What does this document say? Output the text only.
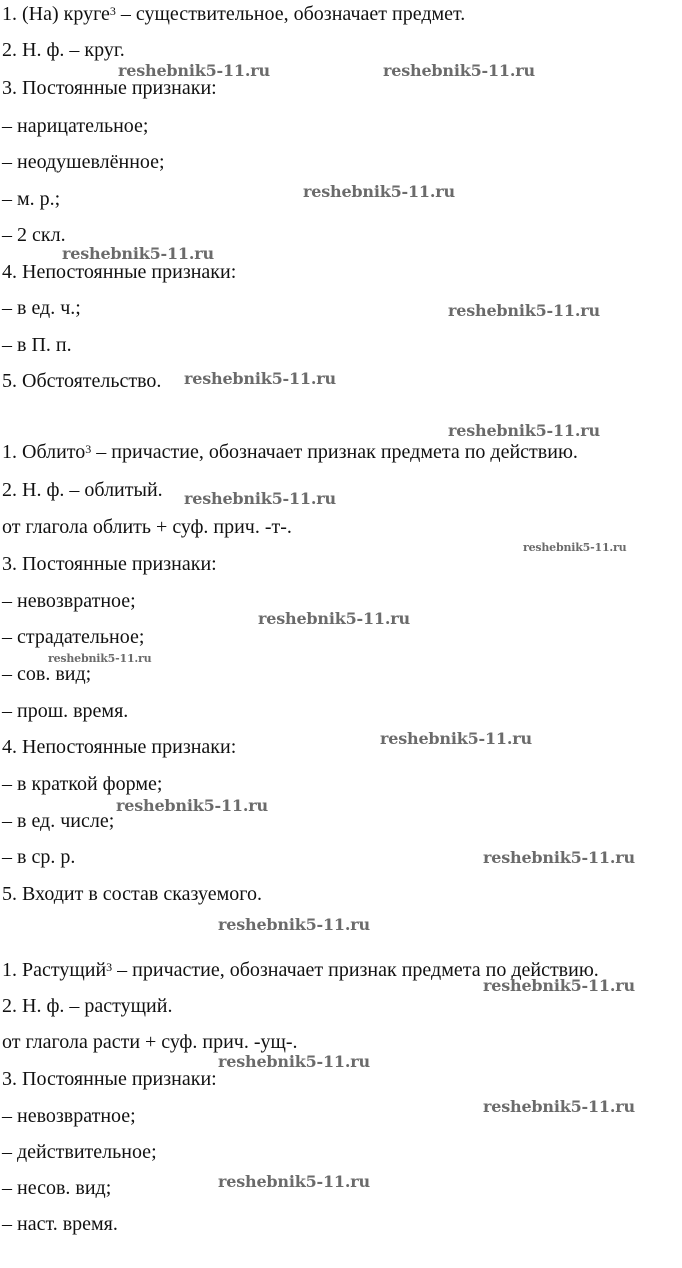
1. (На) круге$^3$ – существительное, обозначает предмет.
2. Н. ф. – круг.
3. Постоянные признаки:
– нарицательное;
– неодушевлённое;
– м. р.;
– 2 скл.
4. Непостоянные признаки:
– в ед. ч.;
– в П. п.
5. Обстоятельство.
1. Облито$^3$ – причастие, обозначает признак предмета по действию.
2. Н. ф. – облитый.
от глагола облить + суф. прич. -т-.
3. Постоянные признаки:
– невозвратное;
– страдательное;
– сов. вид;
– прош. время.
4. Непостоянные признаки:
– в краткой форме;
– в ед. числе;
– в ср. р.
5. Входит в состав сказуемого.
1. Растущий$^3$ – причастие, обозначает признак предмета по действию.
2. Н. ф. – растущий.
от глагола расти + суф. прич. -ущ-.
3. Постоянные признаки:
– невозвратное;
– действительное;
– несов. вид;
– наст. время.
reshebnik5-11.ru	reshebnik5-11.ru
reshebnik5-11.ru
reshebnik5-11.ru
reshebnik5-11.ru
reshebnik5-11.ru
reshebnik5-11.ru
reshebnik5-11.ru
reshebnik5-11.ru
reshebnik5-11.ru
reshebnik5-11.ru
reshebnik5-11.ru
reshebnik5-11.ru
reshebnik5-11.ru
reshebnik5-11.ru
reshebnik5-11.ru
reshebnik5-11.ru
reshebnik5-11.ru
reshebnik5-11.ru
